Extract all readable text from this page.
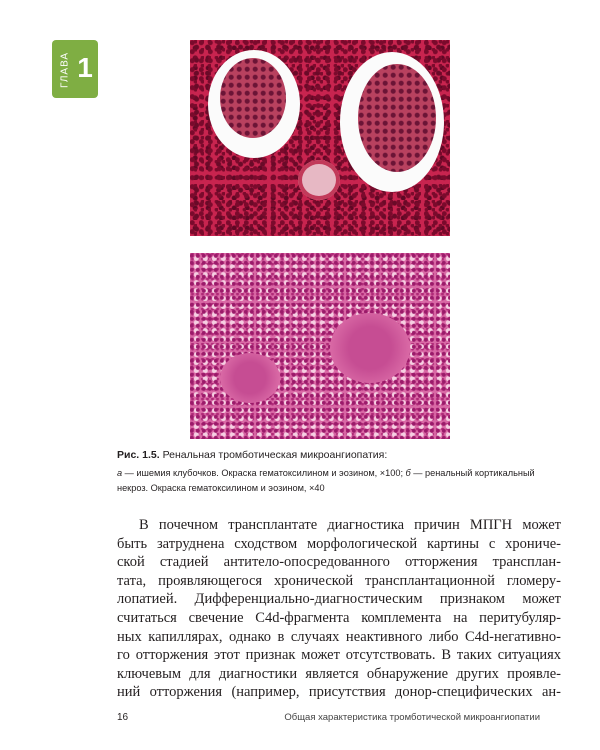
ГЛАВА 1
Рис. 1.5. Ренальная тромботическая микроангиопатия:
а — ишемия клубочков. Окраска гематоксилином и эозином, ×100; б — ренальный кортикальный
некроз. Окраска гематоксилином и эозином, ×40
В почечном трансплантате диагностика причин МПГН может
быть затруднена сходством морфологической картины с хрониче-
ской стадией антитело-опосредованного отторжения трансплан-
тата, проявляющегося хронической трансплантационной гломеру-
лопатией. Дифференциально-диагностическим признаком может
считаться свечение C4d-фрагмента комплемента на перитубуляр-
ных капиллярах, однако в случаях неактивного либо C4d-негативно-
го отторжения этот признак может отсутствовать. В таких ситуациях
ключевым для диагностики является обнаружение других проявле-
ний отторжения (например, присутствия донор-специфических ан-
16	Общая характеристика тромботической микроангиопатии
